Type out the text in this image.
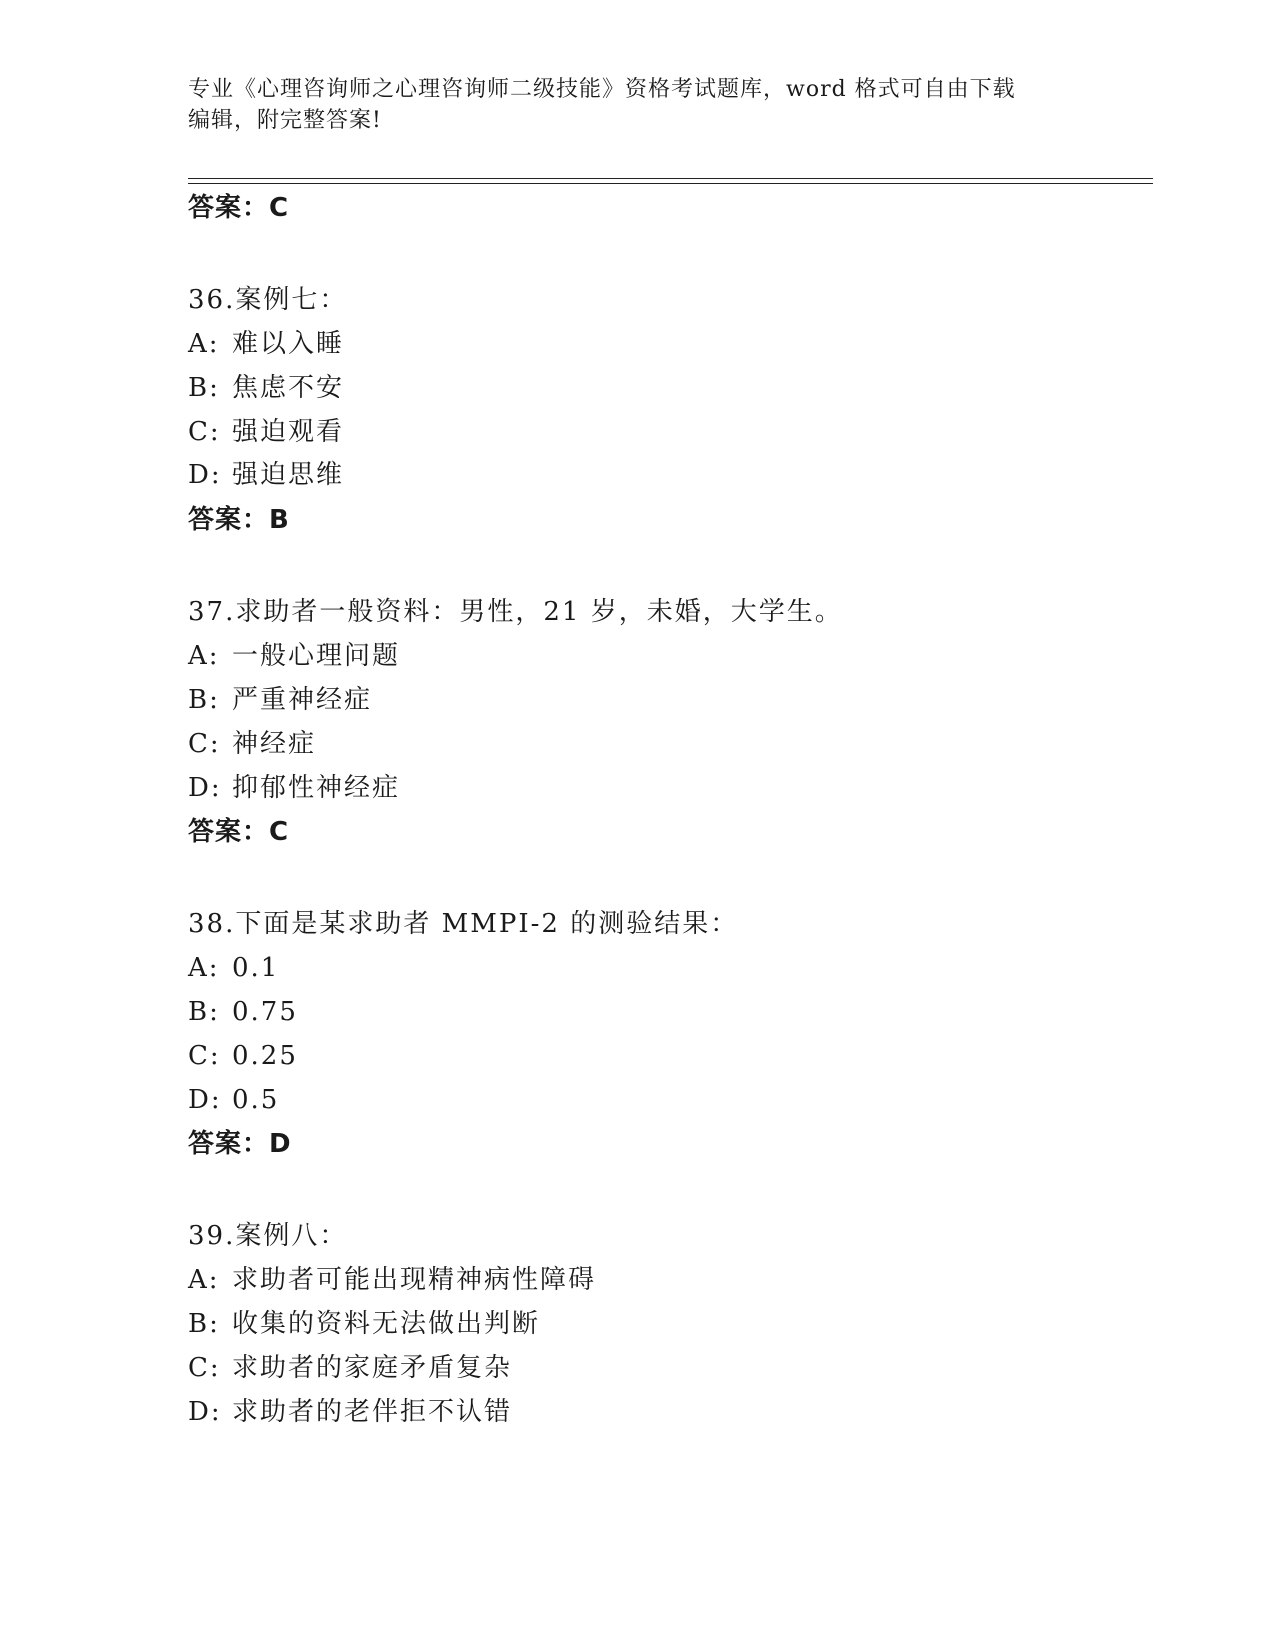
专业《心理咨询师之心理咨询师二级技能》资格考试题库，word 格式可自由下载
编辑，附完整答案!
答案：C
36.案例七：
A: 难以入睡
B: 焦虑不安
C: 强迫观看
D: 强迫思维
答案：B
37.求助者一般资料：男性，21 岁，未婚，大学生。
A: 一般心理问题
B: 严重神经症
C: 神经症
D: 抑郁性神经症
答案：C
38.下面是某求助者 MMPI-2 的测验结果：
A: 0.1
B: 0.75
C: 0.25
D: 0.5
答案：D
39.案例八：
A: 求助者可能出现精神病性障碍
B: 收集的资料无法做出判断
C: 求助者的家庭矛盾复杂
D: 求助者的老伴拒不认错
